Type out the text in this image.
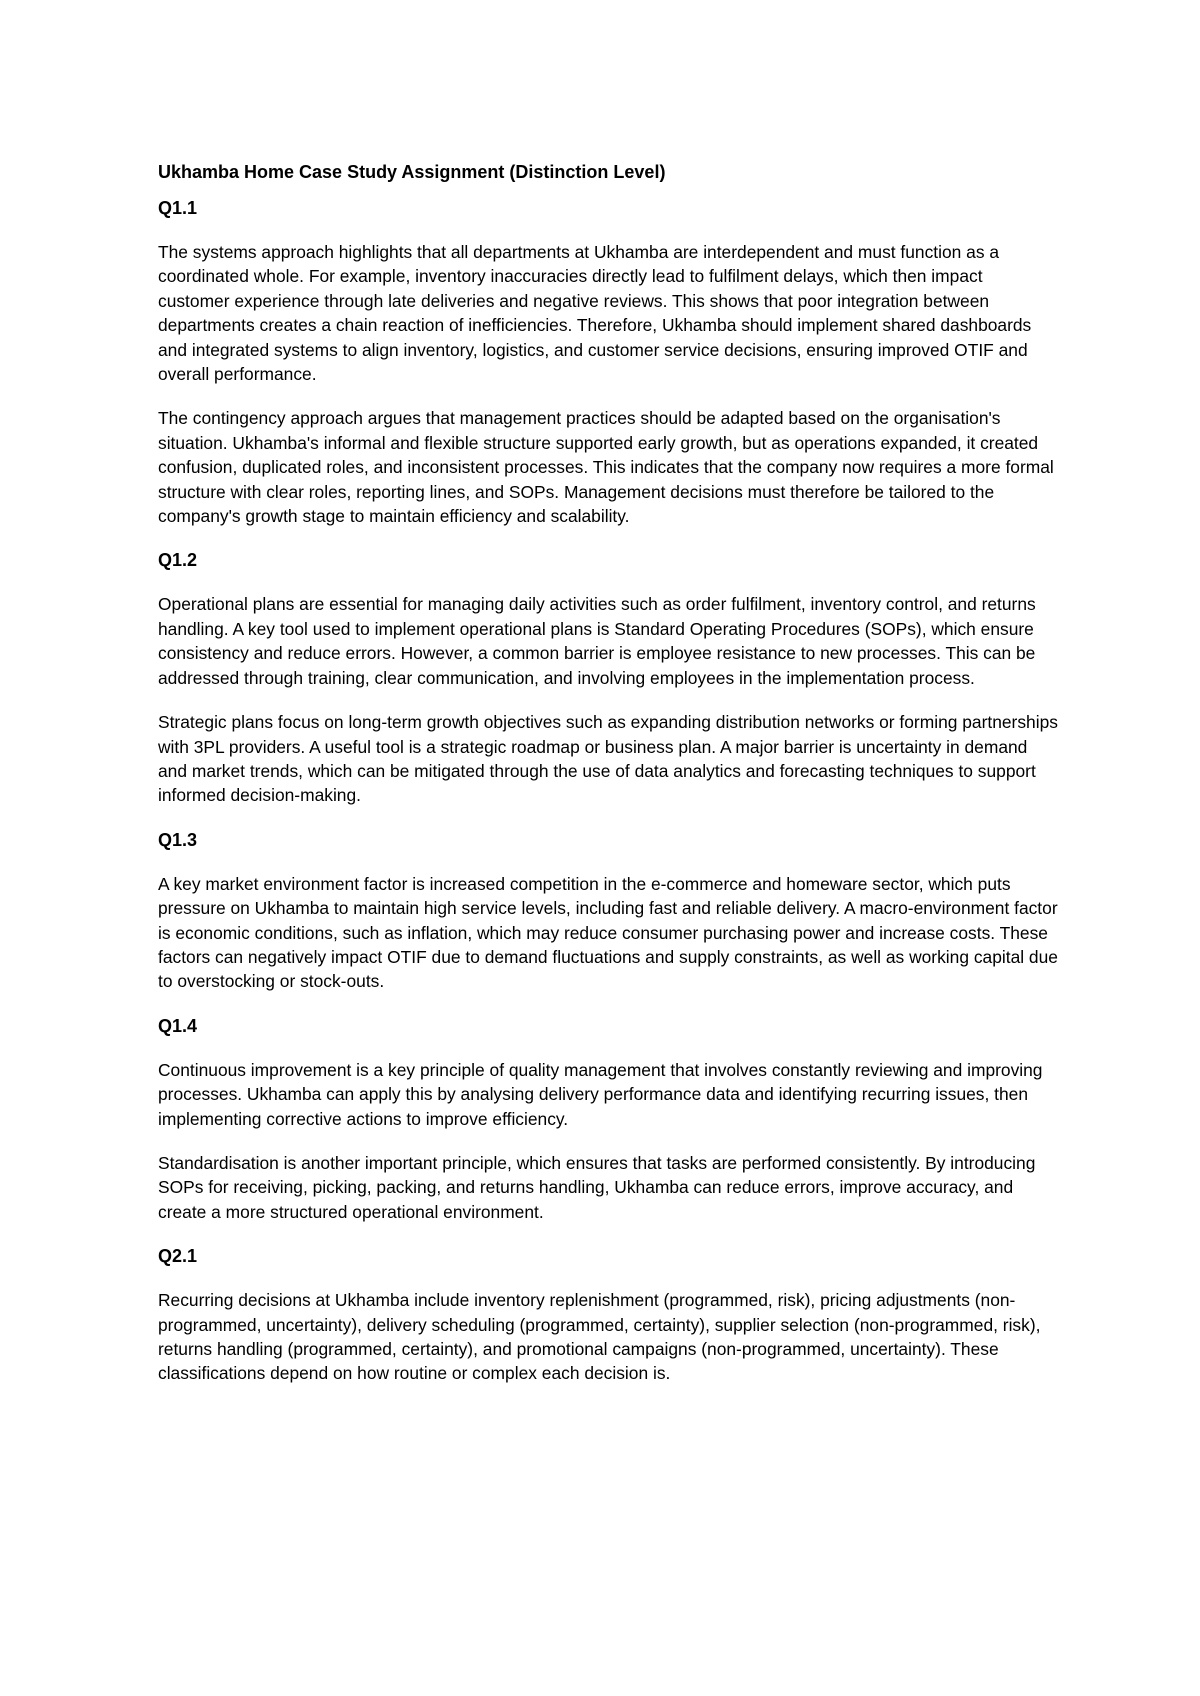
Ukhamba Home Case Study Assignment (Distinction Level)
Q1.1

The systems approach highlights that all departments at Ukhamba are interdependent and must function as a coordinated whole. For example, inventory inaccuracies directly lead to fulfilment delays, which then impact customer experience through late deliveries and negative reviews. This shows that poor integration between departments creates a chain reaction of inefficiencies. Therefore, Ukhamba should implement shared dashboards and integrated systems to align inventory, logistics, and customer service decisions, ensuring improved OTIF and overall performance.

The contingency approach argues that management practices should be adapted based on the organisation's situation. Ukhamba's informal and flexible structure supported early growth, but as operations expanded, it created confusion, duplicated roles, and inconsistent processes. This indicates that the company now requires a more formal structure with clear roles, reporting lines, and SOPs. Management decisions must therefore be tailored to the company's growth stage to maintain efficiency and scalability.

Q1.2

Operational plans are essential for managing daily activities such as order fulfilment, inventory control, and returns handling. A key tool used to implement operational plans is Standard Operating Procedures (SOPs), which ensure consistency and reduce errors. However, a common barrier is employee resistance to new processes. This can be addressed through training, clear communication, and involving employees in the implementation process.

Strategic plans focus on long-term growth objectives such as expanding distribution networks or forming partnerships with 3PL providers. A useful tool is a strategic roadmap or business plan. A major barrier is uncertainty in demand and market trends, which can be mitigated through the use of data analytics and forecasting techniques to support informed decision-making.

Q1.3

A key market environment factor is increased competition in the e-commerce and homeware sector, which puts pressure on Ukhamba to maintain high service levels, including fast and reliable delivery. A macro-environment factor is economic conditions, such as inflation, which may reduce consumer purchasing power and increase costs. These factors can negatively impact OTIF due to demand fluctuations and supply constraints, as well as working capital due to overstocking or stock-outs.

Q1.4

Continuous improvement is a key principle of quality management that involves constantly reviewing and improving processes. Ukhamba can apply this by analysing delivery performance data and identifying recurring issues, then implementing corrective actions to improve efficiency.

Standardisation is another important principle, which ensures that tasks are performed consistently. By introducing SOPs for receiving, picking, packing, and returns handling, Ukhamba can reduce errors, improve accuracy, and create a more structured operational environment.

Q2.1

Recurring decisions at Ukhamba include inventory replenishment (programmed, risk), pricing adjustments (non-programmed, uncertainty), delivery scheduling (programmed, certainty), supplier selection (non-programmed, risk), returns handling (programmed, certainty), and promotional campaigns (non-programmed, uncertainty). These classifications depend on how routine or complex each decision is.
